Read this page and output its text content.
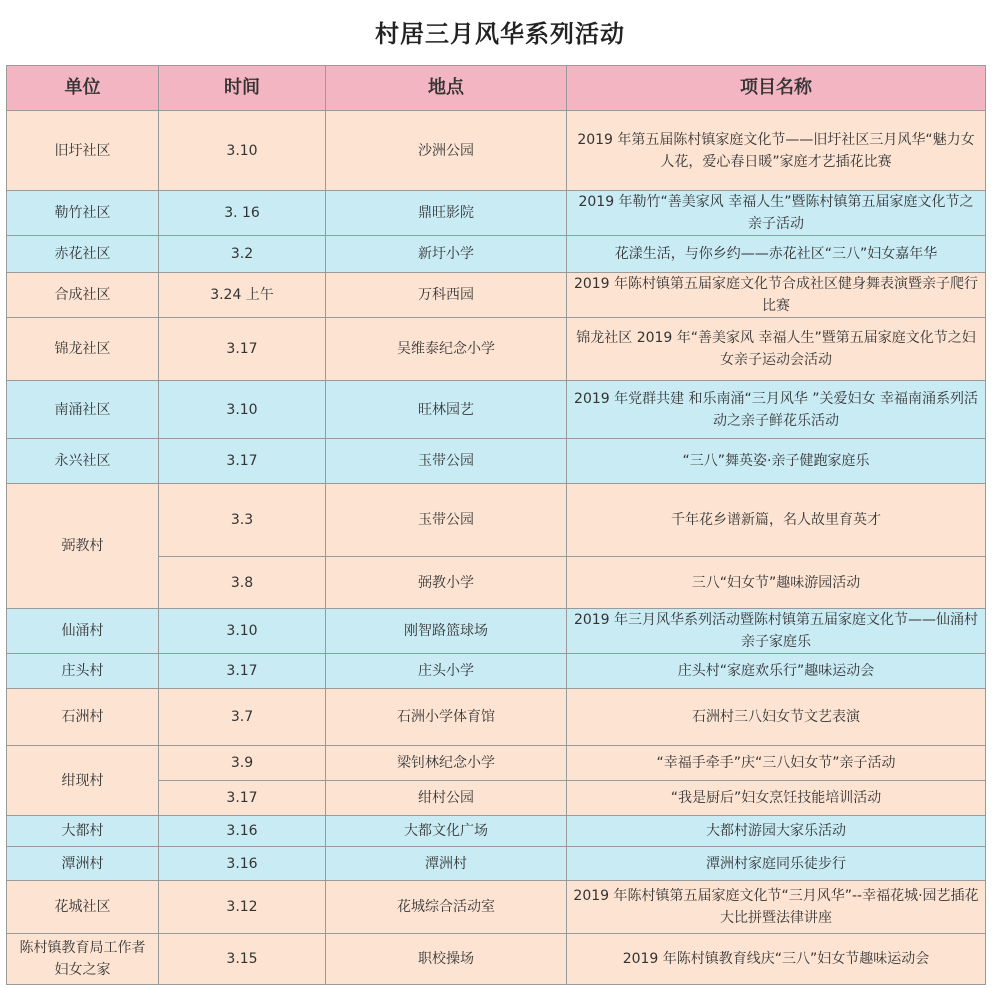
村居三月风华系列活动
单位	时间	地点	项目名称
旧圩社区	3.10	沙洲公园	2019 年第五届陈村镇家庭文化节——旧圩社区三月风华“魅力女人花，爱心春日暖”家庭才艺插花比赛
勒竹社区	3. 16	鼎旺影院	2019 年勒竹“善美家风 幸福人生”暨陈村镇第五届家庭文化节之亲子活动
赤花社区	3.2	新圩小学	花漾生活，与你乡约——赤花社区“三八”妇女嘉年华
合成社区	3.24 上午	万科西园	2019 年陈村镇第五届家庭文化节合成社区健身舞表演暨亲子爬行比赛
锦龙社区	3.17	吴维泰纪念小学	锦龙社区 2019 年“善美家风 幸福人生”暨第五届家庭文化节之妇女亲子运动会活动
南涌社区	3.10	旺林园艺	2019 年党群共建 和乐南涌“三月风华 ”关爱妇女 幸福南涌系列活动之亲子鲜花乐活动
永兴社区	3.17	玉带公园	“三八”舞英姿·亲子健跑家庭乐
弼教村	3.3	玉带公园	千年花乡谱新篇，名人故里育英才
	3.8	弼教小学	三八“妇女节”趣味游园活动
仙涌村	3.10	刚智路篮球场	2019 年三月风华系列活动暨陈村镇第五届家庭文化节——仙涌村亲子家庭乐
庄头村	3.17	庄头小学	庄头村“家庭欢乐行”趣味运动会
石洲村	3.7	石洲小学体育馆	石洲村三八妇女节文艺表演
绀现村	3.9	梁钊林纪念小学	“幸福手牵手”庆“三八妇女节”亲子活动
	3.17	绀村公园	“我是厨后”妇女烹饪技能培训活动
大都村	3.16	大都文化广场	大都村游园大家乐活动
潭洲村	3.16	潭洲村	潭洲村家庭同乐徒步行
花城社区	3.12	花城综合活动室	2019 年陈村镇第五届家庭文化节“三月风华”--幸福花城·园艺插花大比拼暨法律讲座
陈村镇教育局工作者妇女之家	3.15	职校操场	2019 年陈村镇教育线庆“三八”妇女节趣味运动会
